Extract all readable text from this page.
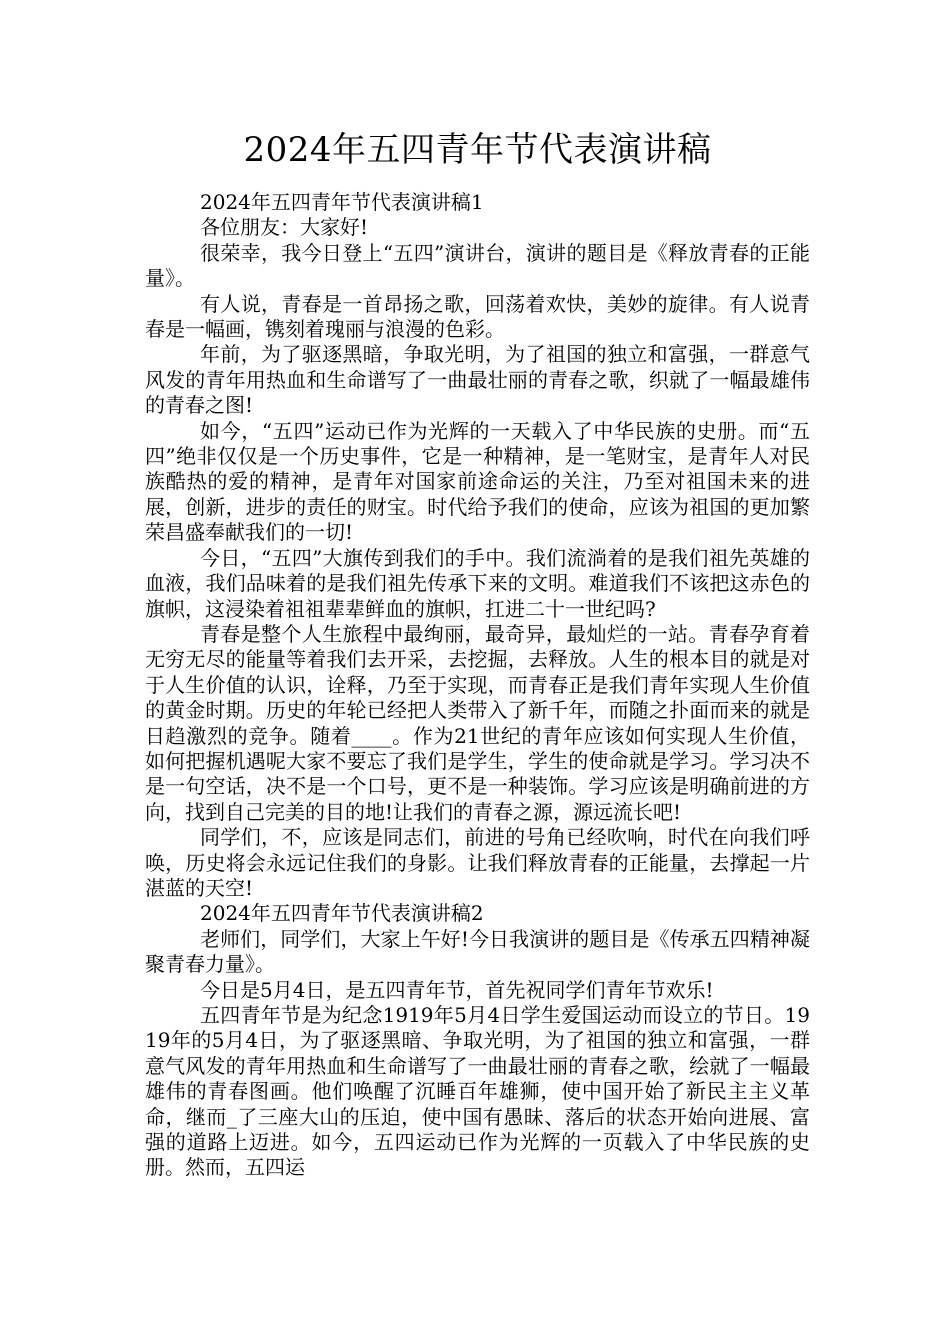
2024年五四青年节代表演讲稿
2024年五四青年节代表演讲稿1
各位朋友：大家好!

很荣幸，我今日登上“五四”演讲台，演讲的题目是《释放青春的正能量》。

有人说，青春是一首昂扬之歌，回荡着欢快，美妙的旋律。有人说青春是一幅画，镌刻着瑰丽与浪漫的色彩。

年前，为了驱逐黑暗，争取光明，为了祖国的独立和富强，一群意气风发的青年用热血和生命谱写了一曲最壮丽的青春之歌，织就了一幅最雄伟的青春之图!

如今，“五四”运动已作为光辉的一天载入了中华民族的史册。而“五四”绝非仅仅是一个历史事件，它是一种精神，是一笔财宝，是青年人对民族酷热的爱的精神，是青年对国家前途命运的关注，乃至对祖国未来的进展，创新，进步的责任的财宝。时代给予我们的使命，应该为祖国的更加繁荣昌盛奉献我们的一切!

今日，“五四”大旗传到我们的手中。我们流淌着的是我们祖先英雄的血液，我们品味着的是我们祖先传承下来的文明。难道我们不该把这赤色的旗帜，这浸染着祖祖辈辈鲜血的旗帜，扛进二十一世纪吗?

青春是整个人生旅程中最绚丽，最奇异，最灿烂的一站。青春孕育着无穷无尽的能量等着我们去开采，去挖掘，去释放。人生的根本目的就是对于人生价值的认识，诠释，乃至于实现，而青春正是我们青年实现人生价值的黄金时期。历史的年轮已经把人类带入了新千年，而随之扑面而来的就是日趋激烈的竞争。随着____。作为21世纪的青年应该如何实现人生价值，如何把握机遇呢大家不要忘了我们是学生，学生的使命就是学习。学习决不是一句空话，决不是一个口号，更不是一种装饰。学习应该是明确前进的方向，找到自己完美的目的地!让我们的青春之源，源远流长吧!

同学们，不，应该是同志们，前进的号角已经吹响，时代在向我们呼唤，历史将会永远记住我们的身影。让我们释放青春的正能量，去撑起一片湛蓝的天空!

2024年五四青年节代表演讲稿2

老师们，同学们，大家上午好!今日我演讲的题目是《传承五四精神凝聚青春力量》。

今日是5月4日，是五四青年节，首先祝同学们青年节欢乐!

五四青年节是为纪念1919年5月4日学生爱国运动而设立的节日。1919年的5月4日，为了驱逐黑暗、争取光明，为了祖国的独立和富强，一群意气风发的青年用热血和生命谱写了一曲最壮丽的青春之歌，绘就了一幅最雄伟的青春图画。他们唤醒了沉睡百年雄狮，使中国开始了新民主主义革命，继而_了三座大山的压迫，使中国有愚昧、落后的状态开始向进展、富强的道路上迈进。如今，五四运动已作为光辉的一页载入了中华民族的史册。然而，五四运
